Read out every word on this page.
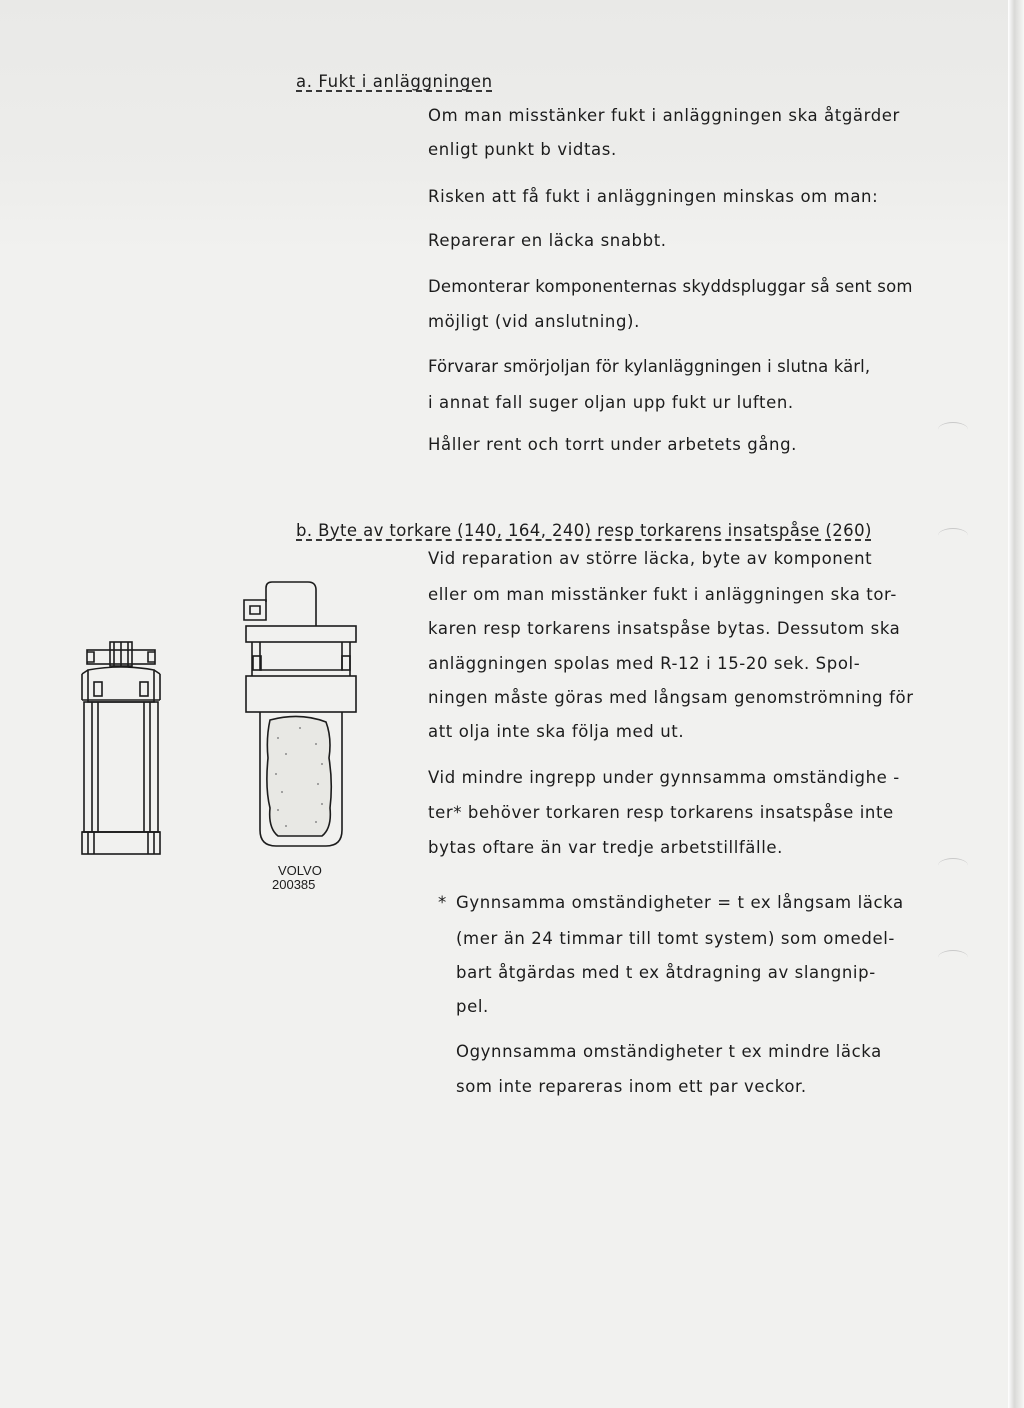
a. Fukt i anläggningen
Om man misstänker fukt i anläggningen ska åtgärder
enligt punkt b vidtas.
Risken att få fukt i anläggningen minskas om man:
Reparerar en läcka snabbt.
Demonterar komponenternas skyddspluggar så sent som
möjligt (vid anslutning).
Förvarar smörjoljan för kylanläggningen i slutna kärl,
i annat fall suger oljan upp fukt ur luften.
Håller rent och torrt under arbetets gång.
b. Byte av torkare (140, 164, 240) resp torkarens insatspåse (260)
Vid reparation av större läcka, byte av komponent
eller om man misstänker fukt i anläggningen ska tor-
karen resp torkarens insatspåse bytas. Dessutom ska
anläggningen spolas med R-12 i 15-20 sek. Spol-
ningen måste göras med långsam genomströmning för
att olja inte ska följa med ut.
Vid mindre ingrepp under gynnsamma omständighe -
ter* behöver torkaren resp torkarens insatspåse inte
bytas oftare än var tredje arbetstillfälle.
* Gynnsamma omständigheter = t ex långsam läcka
(mer än 24 timmar till tomt system) som omedel-
bart åtgärdas med t ex åtdragning av slangnip-
pel.
Ogynnsamma omständigheter t ex mindre läcka
som inte repareras inom ett par veckor.
VOLVO
200385
